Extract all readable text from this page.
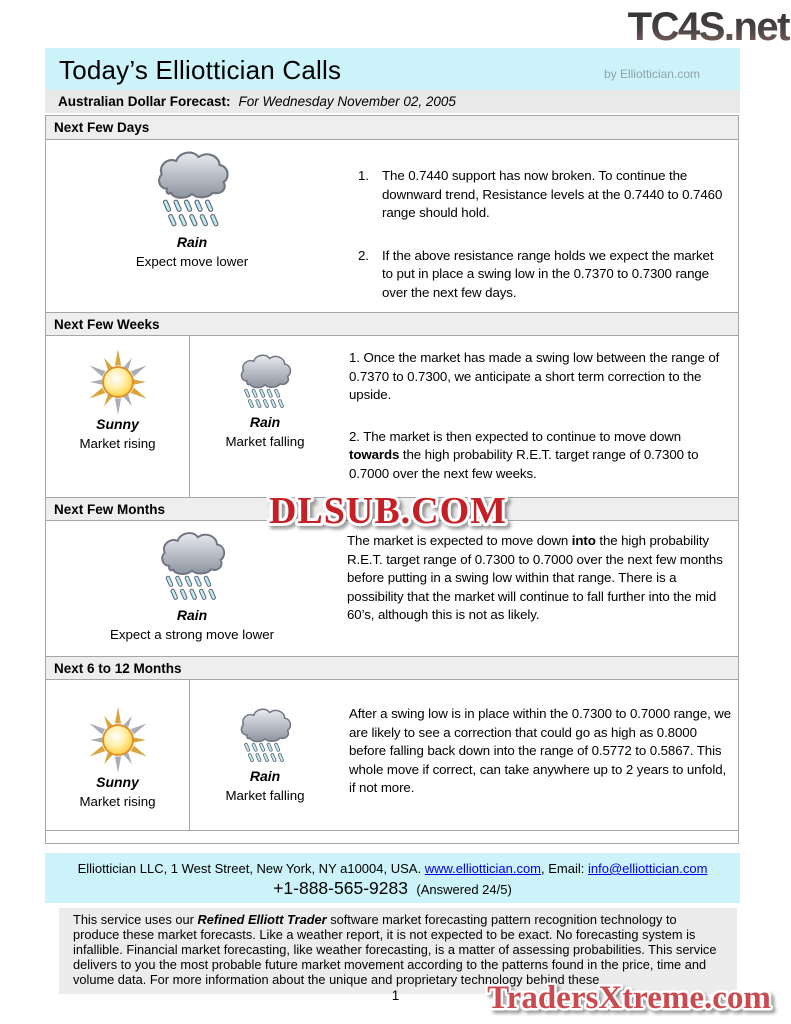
TC4S.net
Today’s Elliottician Calls	by Elliottician.com
Australian Dollar Forecast: For Wednesday November 02, 2005
Next Few Days
Rain
Expect move lower
1. The 0.7440 support has now broken. To continue the downward trend, Resistance levels at the 0.7440 to 0.7460 range should hold.
2. If the above resistance range holds we expect the market to put in place a swing low in the 0.7370 to 0.7300 range over the next few days.
Next Few Weeks
Sunny
Market rising
Rain
Market falling

1. Once the market has made a swing low between the range of 0.7370 to 0.7300, we anticipate a short term correction to the upside.

2. The market is then expected to continue to move down towards the high probability R.E.T. target range of 0.7300 to 0.7000 over the next few weeks.

Next Few Months
Rain
Expect a strong move lower

The market is expected to move down into the high probability R.E.T. target range of 0.7300 to 0.7000 over the next few months before putting in a swing low within that range. There is a possibility that the market will continue to fall further into the mid 60’s, although this is not as likely.

Next 6 to 12 Months
Sunny
Market rising
Rain
Market falling

After a swing low is in place within the 0.7300 to 0.7000 range, we are likely to see a correction that could go as high as 0.8000 before falling back down into the range of 0.5772 to 0.5867. This whole move if correct, can take anywhere up to 2 years to unfold, if not more.

DLSUB.COM
Elliottician LLC, 1 West Street, New York, NY a10004, USA. www.elliottician.com, Email: info@elliottician.com
+1-888-565-9283 (Answered 24/5)
This service uses our Refined Elliott Trader software market forecasting pattern recognition technology to produce these market forecasts. Like a weather report, it is not expected to be exact. No forecasting system is infallible. Financial market forecasting, like weather forecasting, is a matter of assessing probabilities. This service delivers to you the most probable future market movement according to the patterns found in the price, time and volume data. For more information about the unique and proprietary technology behind these
1	TradersXtreme.com
